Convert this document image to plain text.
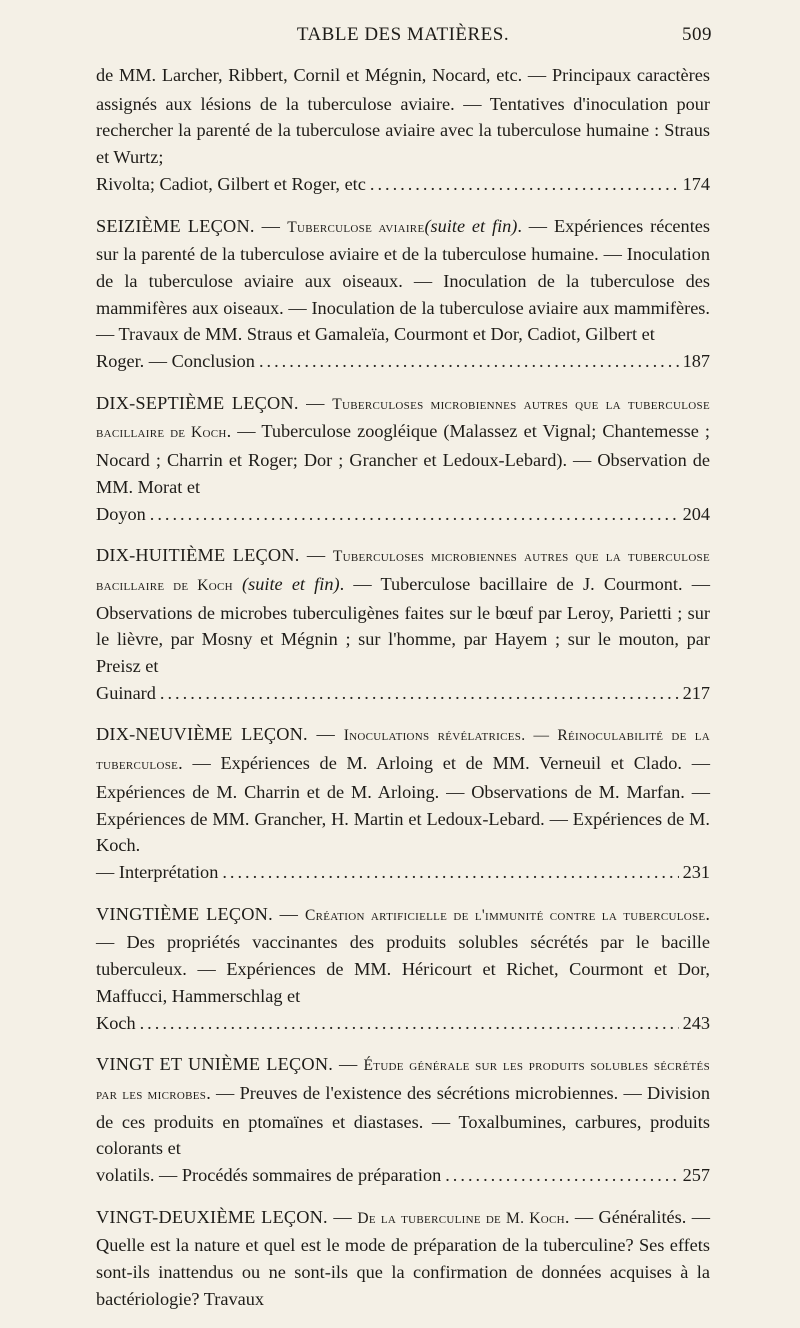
TABLE DES MATIÈRES.	509
de MM. Larcher, Ribbert, Cornil et Mégnin, Nocard, etc. — Principaux caractères assignés aux lésions de la tuberculose aviaire. — Tentatives d'inoculation pour rechercher la parenté de la tuberculose aviaire avec la tuberculose humaine : Straus et Wurtz;
Rivolta; Cadiot, Gilbert et Roger, etc .....	174
SEIZIÈME LEÇON. — Tuberculose aviaire(suite et fin). — Expériences récentes sur la parenté de la tuberculose aviaire et de la tuberculose humaine. — Inoculation de la tuberculose aviaire aux oiseaux. — Inoculation de la tuberculose des mammifères aux oiseaux. — Inoculation de la tuberculose aviaire aux mammifères. — Travaux de MM. Straus et Gamaleïa, Courmont et Dor, Cadiot, Gilbert et
Roger. — Conclusion .....	187
DIX-SEPTIÈME LEÇON. — Tuberculoses microbiennes autres que la tuberculose bacillaire de Koch. — Tuberculose zoogléique (Malassez et Vignal; Chantemesse ; Nocard ; Charrin et Roger; Dor ; Grancher et Ledoux-Lebard). — Observation de MM. Morat et
Doyon .....	204
DIX-HUITIÈME LEÇON. — Tuberculoses microbiennes autres que la tuberculose bacillaire de Koch (suite et fin). — Tuberculose bacillaire de J. Courmont. — Observations de microbes tuberculigènes faites sur le bœuf par Leroy, Parietti ; sur le lièvre, par Mosny et Mégnin ; sur l'homme, par Hayem ; sur le mouton, par Preisz et
Guinard .....	217
DIX-NEUVIÈME LEÇON. — Inoculations révélatrices. — Réinoculabilité de la tuberculose. — Expériences de M. Arloing et de MM. Verneuil et Clado. — Expériences de M. Charrin et de M. Arloing. — Observations de M. Marfan. — Expériences de MM. Grancher, H. Martin et Ledoux-Lebard. — Expériences de M. Koch.
— Interprétation .....	231
VINGTIÈME LEÇON. — Création artificielle de l'immunité contre la tuberculose. — Des propriétés vaccinantes des produits solubles sécrétés par le bacille tuberculeux. — Expériences de MM. Héricourt et Richet, Courmont et Dor, Maffucci, Hammerschlag et
Koch .....	243
VINGT ET UNIÈME LEÇON. — Étude générale sur les produits solubles sécrétés par les microbes. — Preuves de l'existence des sécrétions microbiennes. — Division de ces produits en ptomaïnes et diastases. — Toxalbumines, carbures, produits colorants et
volatils. — Procédés sommaires de préparation .....	257
VINGT-DEUXIÈME LEÇON. — De la tuberculine de M. Koch. — Généralités. — Quelle est la nature et quel est le mode de préparation de la tuberculine? Ses effets sont-ils inattendus ou ne sont-ils que la confirmation de données acquises à la bactériologie? Travaux
